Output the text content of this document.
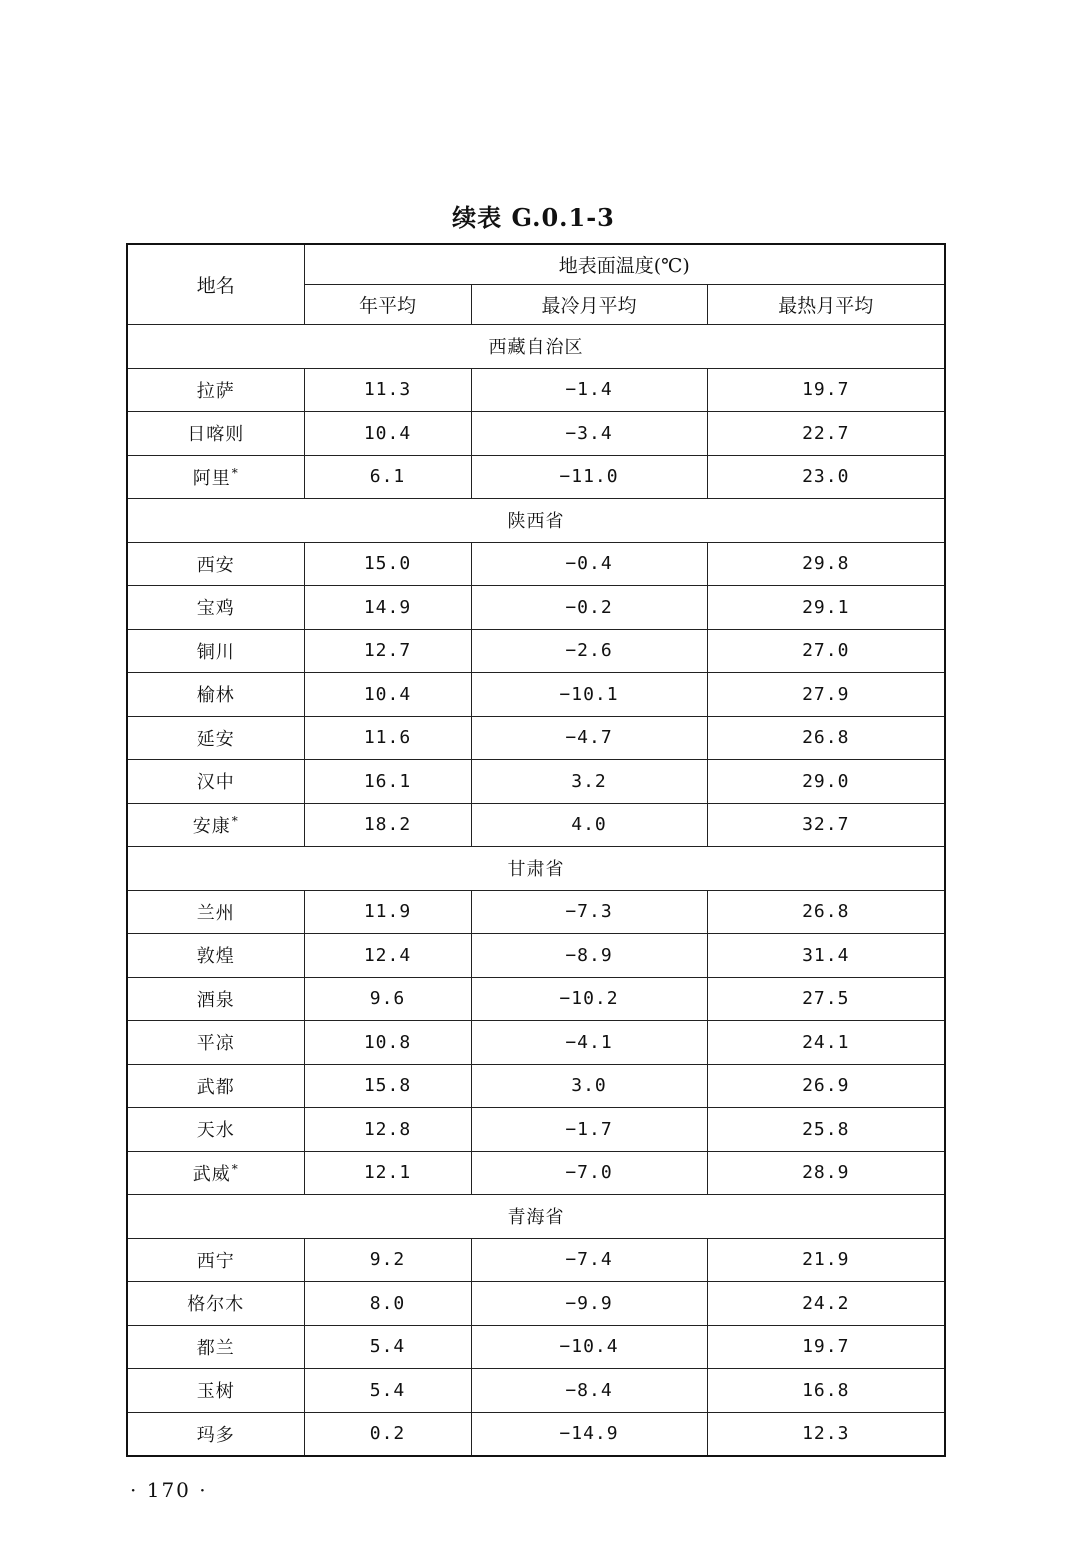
续表 G.0.1-3
地名	地表面温度(℃)		
	年平均	最冷月平均	最热月平均
西藏自治区			
拉萨	11.3	−1.4	19.7
日喀则	10.4	−3.4	22.7
阿里*	6.1	−11.0	23.0
陕西省			
西安	15.0	−0.4	29.8
宝鸡	14.9	−0.2	29.1
铜川	12.7	−2.6	27.0
榆林	10.4	−10.1	27.9
延安	11.6	−4.7	26.8
汉中	16.1	3.2	29.0
安康*	18.2	4.0	32.7
甘肃省			
兰州	11.9	−7.3	26.8
敦煌	12.4	−8.9	31.4
酒泉	9.6	−10.2	27.5
平凉	10.8	−4.1	24.1
武都	15.8	3.0	26.9
天水	12.8	−1.7	25.8
武威*	12.1	−7.0	28.9
青海省			
西宁	9.2	−7.4	21.9
格尔木	8.0	−9.9	24.2
都兰	5.4	−10.4	19.7
玉树	5.4	−8.4	16.8
玛多	0.2	−14.9	12.3
· 170 ·
